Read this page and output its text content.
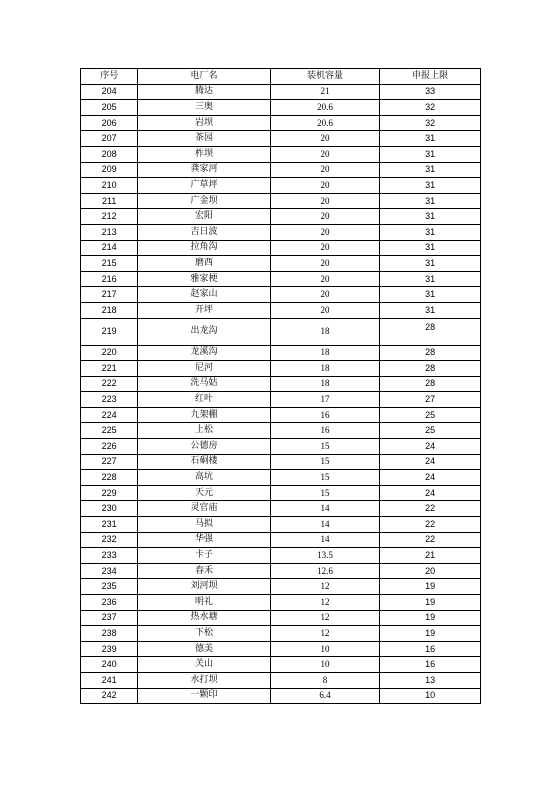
序号	电厂名	装机容量	申报上限
204	腾达	21	33
205	三奥	20.6	32
206	岩坝	20.6	32
207	茶园	20	31
208	柞坝	20	31
209	龚家河	20	31
210	广草坪	20	31
211	广金坝	20	31
212	宏阳	20	31
213	吉日波	20	31
214	拉角沟	20	31
215	磨西	20	31
216	雅家梗	20	31
217	赵家山	20	31
218	开坪	20	31
219	出龙沟	18	28
220	龙溪沟	18	28
221	尼河	18	28
222	洗马姑	18	28
223	红叶	17	27
224	九架棚	16	25
225	上松	16	25
226	公德房	15	24
227	石硐楼	15	24
228	高坑	15	24
229	天元	15	24
230	灵官庙	14	22
231	马拟	14	22
232	华强	14	22
233	卡子	13.5	21
234	春禾	12.6	20
235	刘河坝	12	19
236	明礼	12	19
237	热水塘	12	19
238	下松	12	19
239	德美	10	16
240	关山	10	16
241	水打坝	8	13
242	一颗印	6.4	10
